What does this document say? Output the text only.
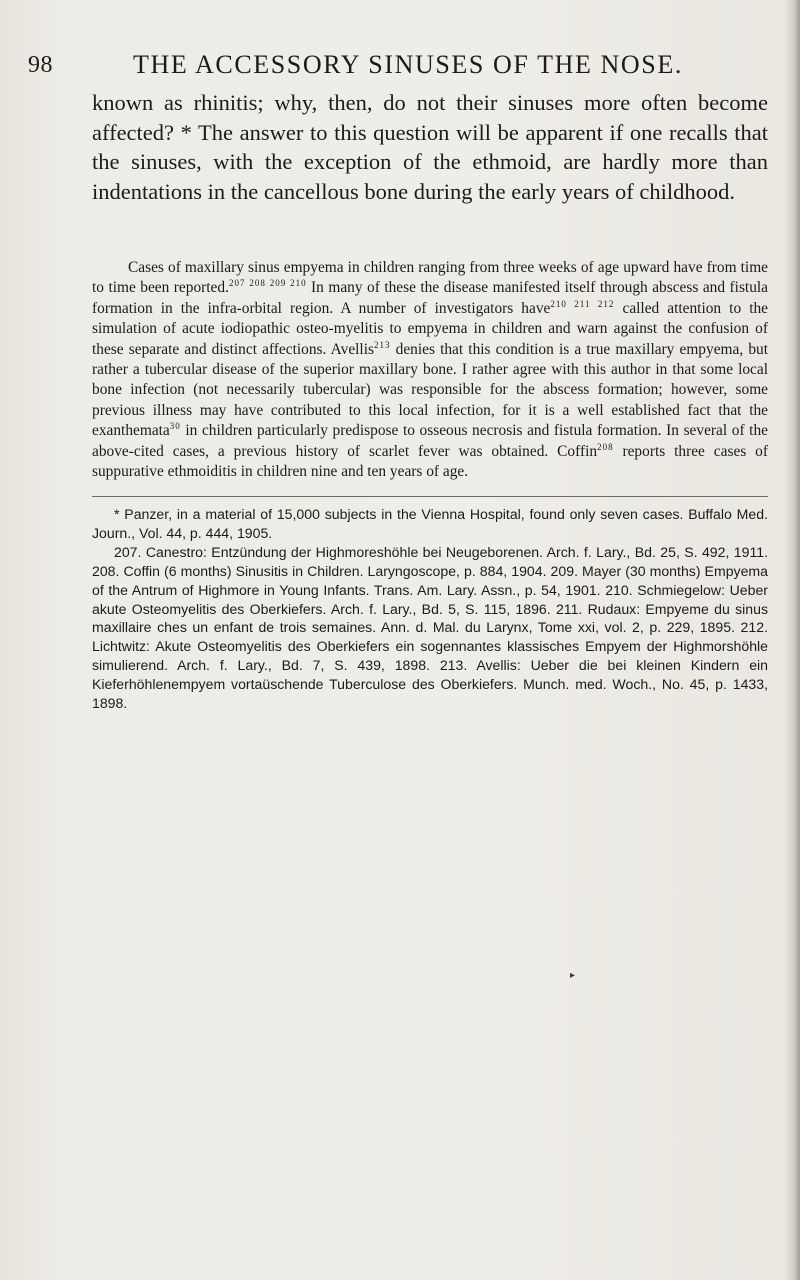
98	THE ACCESSORY SINUSES OF THE NOSE.

known as rhinitis; why, then, do not their sinuses more often become affected? * The answer to this question will be apparent if one recalls that the sinuses, with the exception of the ethmoid, are hardly more than indentations in the cancellous bone during the early years of childhood.

Cases of maxillary sinus empyema in children ranging from three weeks of age upward have from time to time been reported.$^{207 208 209 210}$ In many of these the disease manifested itself through abscess and fistula formation in the infra-orbital region. A number of investigators have$^{210 211 212}$ called attention to the simulation of acute iodiopathic osteo-myelitis to empyema in children and warn against the confusion of these separate and distinct affections. Avellis$^{213}$ denies that this condition is a true maxillary empyema, but rather a tubercular disease of the superior maxillary bone. I rather agree with this author in that some local bone infection (not necessarily tubercular) was responsible for the abscess formation; however, some previous illness may have contributed to this local infection, for it is a well established fact that the exanthemata$^{30}$ in children particularly predispose to osseous necrosis and fistula formation. In several of the above-cited cases, a previous history of scarlet fever was obtained. Coffin$^{208}$ reports three cases of suppurative ethmoiditis in children nine and ten years of age.

* Panzer, in a material of 15,000 subjects in the Vienna Hospital, found only seven cases. Buffalo Med. Journ., Vol. 44, p. 444, 1905.

207. Canestro: Entzündung der Highmoreshöhle bei Neugeborenen. Arch. f. Lary., Bd. 25, S. 492, 1911. 208. Coffin (6 months) Sinusitis in Children. Laryngoscope, p. 884, 1904. 209. Mayer (30 months) Empyema of the Antrum of Highmore in Young Infants. Trans. Am. Lary. Assn., p. 54, 1901. 210. Schmiegelow: Ueber akute Osteomyelitis des Oberkiefers. Arch. f. Lary., Bd. 5, S. 115, 1896. 211. Rudaux: Empyeme du sinus maxillaire ches un enfant de trois semaines. Ann. d. Mal. du Larynx, Tome xxi, vol. 2, p. 229, 1895. 212. Lichtwitz: Akute Osteomyelitis des Oberkiefers ein sogennantes klassisches Empyem der Highmorshöhle simulierend. Arch. f. Lary., Bd. 7, S. 439, 1898. 213. Avellis: Ueber die bei kleinen Kindern ein Kieferhöhlenempyem vortaüschende Tuberculose des Oberkiefers. Munch. med. Woch., No. 45, p. 1433, 1898.

▸
